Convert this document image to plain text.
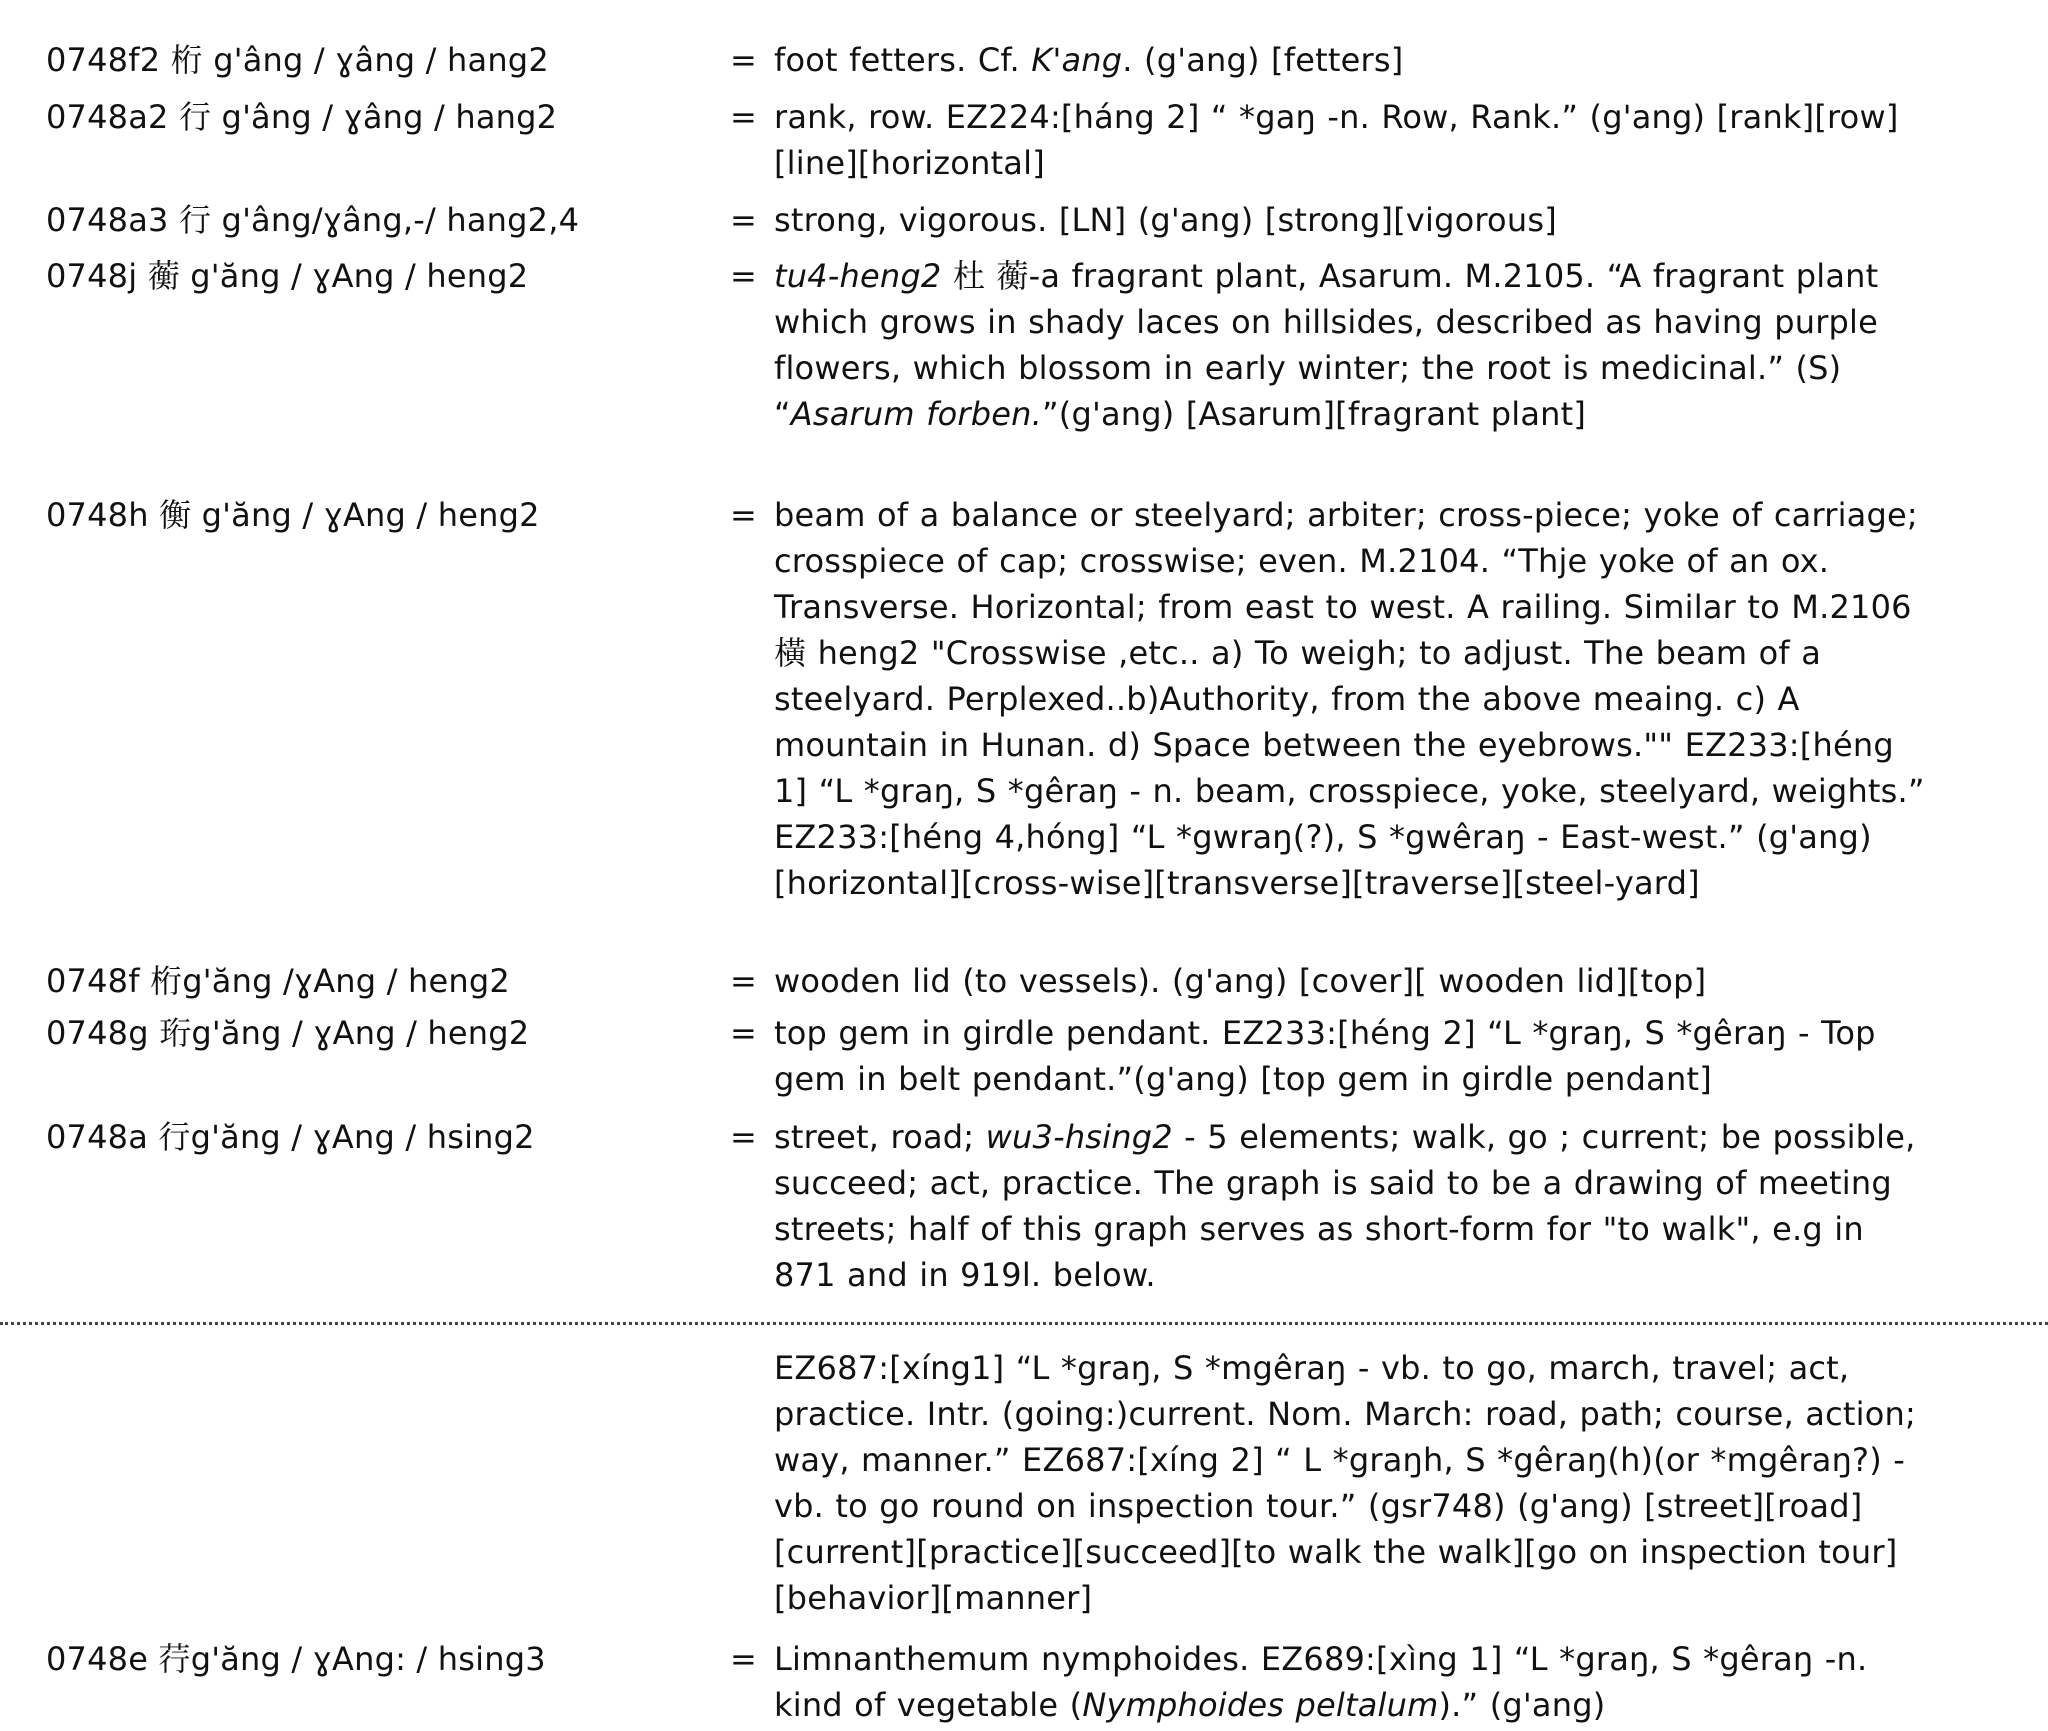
0748f2 桁 g'âng / ɣâng / hang2	= foot fetters. Cf. K'ang. (g'ang) [fetters]
0748a2 行 g'âng / ɣâng / hang2	= rank, row. EZ224:[háng 2] “ *gaŋ -n. Row, Rank.” (g'ang) [rank][row][line][horizontal]
0748a3 行 g'âng/ɣâng,-/ hang2,4	= strong, vigorous. [LN] (g'ang) [strong][vigorous]
0748j 蘅 g'ăng / ɣAng / heng2	= tu4-heng2 杜 蘅-a fragrant plant, Asarum. M.2105. “A fragrant plant which grows in shady laces on hillsides, described as having purple flowers, which blossom in early winter; the root is medicinal.” (S) “Asarum forben.”(g'ang) [Asarum][fragrant plant]
0748h 衡 g'ăng / ɣAng / heng2	= beam of a balance or steelyard; arbiter; cross-piece; yoke of carriage; crosspiece of cap; crosswise; even. M.2104. “Thje yoke of an ox. Transverse. Horizontal; from east to west. A railing. Similar to M.2106橫 heng2 "Crosswise ,etc.. a) To weigh; to adjust. The beam of a steelyard. Perplexed..b)Authority, from the above meaing. c) A mountain in Hunan. d) Space between the eyebrows."" EZ233:[héng 1] “L *graŋ, S *gêraŋ - n. beam, crosspiece, yoke, steelyard, weights.” EZ233:[héng 4,hóng] “L *gwraŋ(?), S *gwêraŋ - East-west.” (g'ang) [horizontal][cross-wise][transverse][traverse][steel-yard]
0748f 桁g'ăng /ɣAng / heng2	= wooden lid (to vessels). (g'ang) [cover][ wooden lid][top]
0748g 珩g'ăng / ɣAng / heng2	= top gem in girdle pendant. EZ233:[héng 2] “L *graŋ, S *gêraŋ - Top gem in belt pendant.”(g'ang) [top gem in girdle pendant]
0748a 行g'ăng / ɣAng / hsing2	= street, road; wu3-hsing2 - 5 elements; walk, go ; current; be possible, succeed; act, practice. The graph is said to be a drawing of meeting streets; half of this graph serves as short-form for "to walk", e.g in 871 and in 919l. below.
EZ687:[xíng1] “L *graŋ, S *mgêraŋ - vb. to go, march, travel; act, practice. Intr. (going:)current. Nom. March: road, path; course, action; way, manner.” EZ687:[xíng 2] “ L *graŋh, S *gêraŋ(h)(or *mgêraŋ?) - vb. to go round on inspection tour.” (gsr748) (g'ang) [street][road][current][practice][succeed][to walk the walk][go on inspection tour][behavior][manner]
0748e 荇g'ăng / ɣAng: / hsing3	= Limnanthemum nymphoides. EZ689:[xìng 1] “L *graŋ, S *gêraŋ -n. kind of vegetable (Nymphoides peltalum).” (g'ang)
